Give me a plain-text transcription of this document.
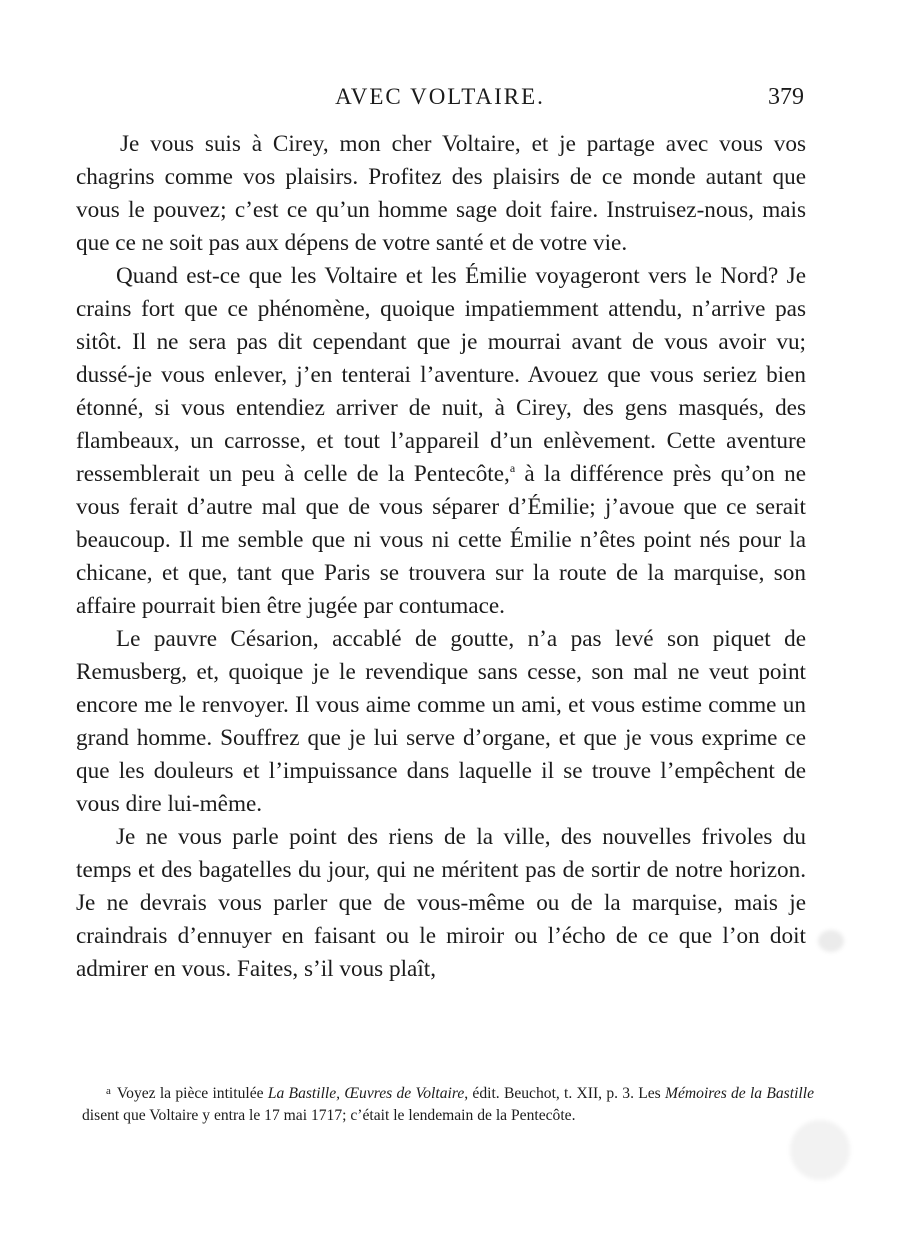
AVEC VOLTAIRE.	379

Je vous suis à Cirey, mon cher Voltaire, et je partage avec vous vos chagrins comme vos plaisirs. Profitez des plaisirs de ce monde autant que vous le pouvez; c’est ce qu’un homme sage doit faire. Instruisez-nous, mais que ce ne soit pas aux dépens de votre santé et de votre vie.

Quand est-ce que les Voltaire et les Émilie voyageront vers le Nord? Je crains fort que ce phénomène, quoique impatiemment attendu, n’arrive pas sitôt. Il ne sera pas dit cependant que je mourrai avant de vous avoir vu; dussé-je vous enlever, j’en tenterai l’aventure. Avouez que vous seriez bien étonné, si vous entendiez arriver de nuit, à Cirey, des gens masqués, des flambeaux, un carrosse, et tout l’appareil d’un enlèvement. Cette aventure ressemblerait un peu à celle de la Pentecôte,$^a$ à la différence près qu’on ne vous ferait d’autre mal que de vous séparer d’Émilie; j’avoue que ce serait beaucoup. Il me semble que ni vous ni cette Émilie n’êtes point nés pour la chicane, et que, tant que Paris se trouvera sur la route de la marquise, son affaire pourrait bien être jugée par contumace.

Le pauvre Césarion, accablé de goutte, n’a pas levé son piquet de Remusberg, et, quoique je le revendique sans cesse, son mal ne veut point encore me le renvoyer. Il vous aime comme un ami, et vous estime comme un grand homme. Souffrez que je lui serve d’organe, et que je vous exprime ce que les douleurs et l’impuissance dans laquelle il se trouve l’empêchent de vous dire lui-même.

Je ne vous parle point des riens de la ville, des nouvelles frivoles du temps et des bagatelles du jour, qui ne méritent pas de sortir de notre horizon. Je ne devrais vous parler que de vous-même ou de la marquise, mais je craindrais d’ennuyer en faisant ou le miroir ou l’écho de ce que l’on doit admirer en vous. Faites, s’il vous plaît,

$^a$ Voyez la pièce intitulée La Bastille, Œuvres de Voltaire, édit. Beuchot, t. XII, p. 3. Les Mémoires de la Bastille disent que Voltaire y entra le 17 mai 1717; c’était le lendemain de la Pentecôte.
